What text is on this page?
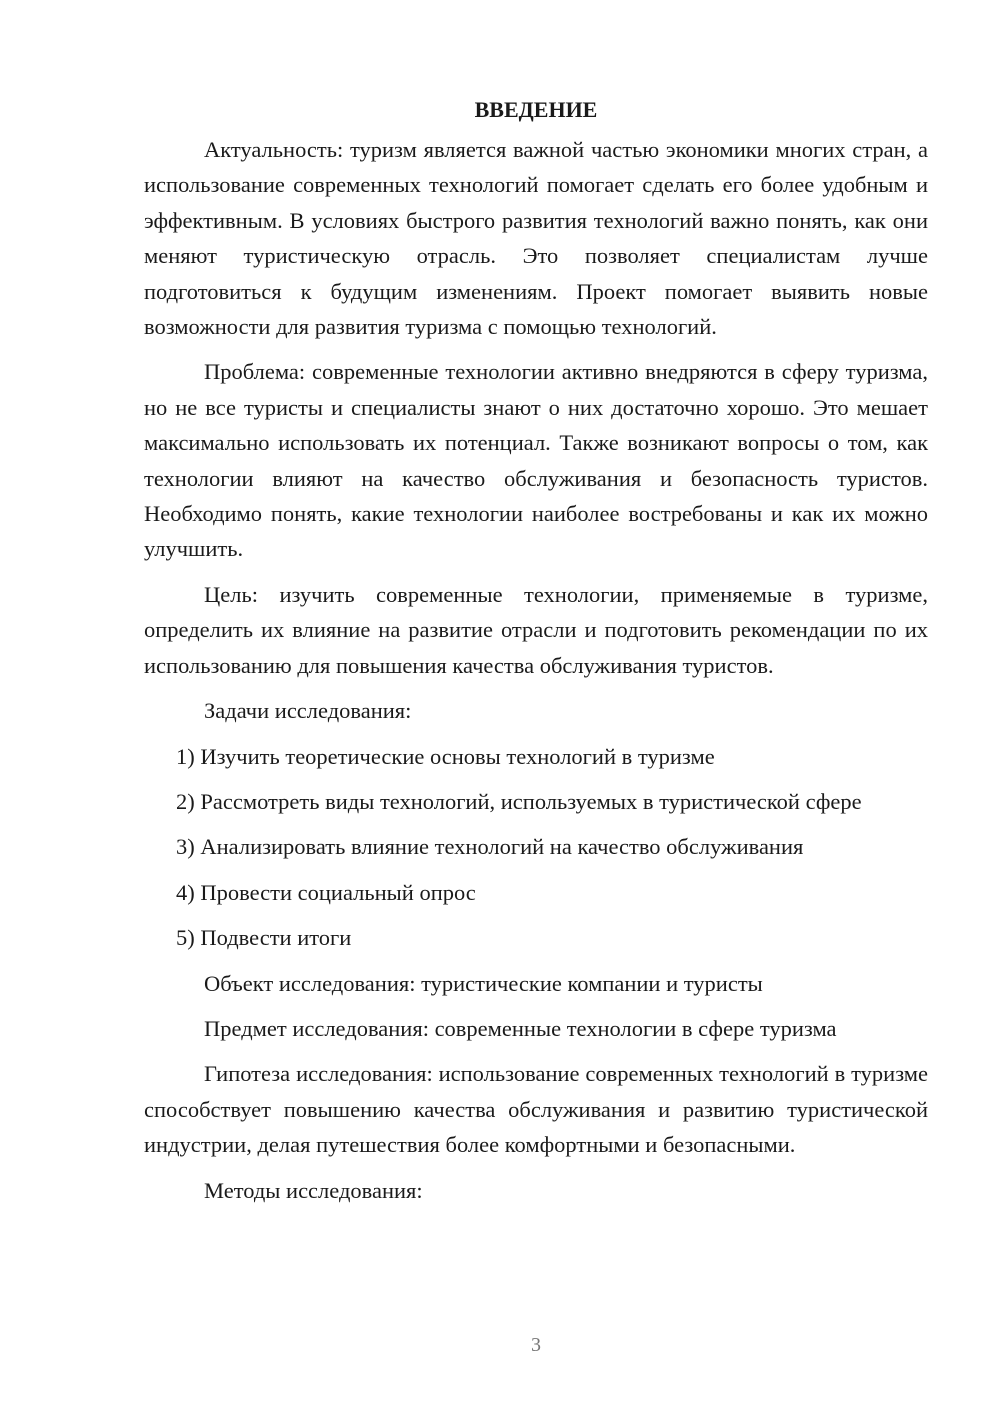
ВВЕДЕНИЕ

Актуальность: туризм является важной частью экономики многих стран, а использование современных технологий помогает сделать его более удобным и эффективным. В условиях быстрого развития технологий важно понять, как они меняют туристическую отрасль. Это позволяет специалистам лучше подготовиться к будущим изменениям. Проект помогает выявить новые возможности для развития туризма с помощью технологий.

Проблема: современные технологии активно внедряются в сферу туризма, но не все туристы и специалисты знают о них достаточно хорошо. Это мешает максимально использовать их потенциал. Также возникают вопросы о том, как технологии влияют на качество обслуживания и безопасность туристов. Необходимо понять, какие технологии наиболее востребованы и как их можно улучшить.

Цель: изучить современные технологии, применяемые в туризме, определить их влияние на развитие отрасли и подготовить рекомендации по их использованию для повышения качества обслуживания туристов.

Задачи исследования:
1) Изучить теоретические основы технологий в туризме
2) Рассмотреть виды технологий, используемых в туристической сфере
3) Анализировать влияние технологий на качество обслуживания
4) Провести социальный опрос
5) Подвести итоги
Объект исследования: туристические компании и туристы
Предмет исследования: современные технологии в сфере туризма

Гипотеза исследования: использование современных технологий в туризме способствует повышению качества обслуживания и развитию туристической индустрии, делая путешествия более комфортными и безопасными.

Методы исследования:
3
